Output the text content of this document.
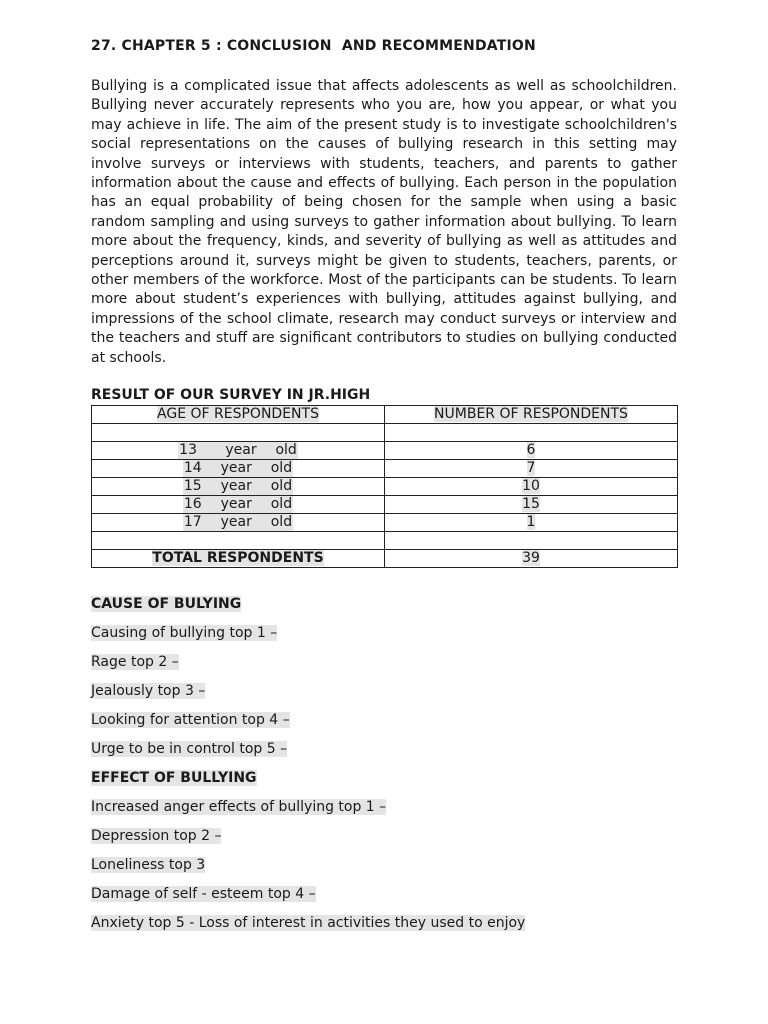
27. CHAPTER 5 : CONCLUSION  AND RECOMMENDATION
Bullying is a complicated issue that affects adolescents as well as schoolchildren. Bullying never accurately represents who you are, how you appear, or what you may achieve in life. The aim of the present study is to investigate schoolchildren's social representations on the causes of bullying research in this setting may involve surveys or interviews with students, teachers, and parents to gather information about the cause and effects of bullying. Each person in the population has an equal probability of being chosen for the sample when using a basic random sampling and using surveys to gather information about bullying. To learn more about the frequency, kinds, and severity of bullying as well as attitudes and perceptions around it, surveys might be given to students, teachers, parents, or other members of the workforce. Most of the participants can be students. To learn more about student’s experiences with bullying, attitudes against bullying, and impressions of the school climate, research may conduct surveys or interview and the teachers and stuff are significant contributors to studies on bullying conducted at schools.
RESULT OF OUR SURVEY IN JR.HIGH
AGE OF RESPONDENTS	NUMBER OF RESPONDENTS

13   year  old	6
14  year  old	7
15  year  old	10
16  year  old	15
17  year  old	1

TOTAL RESPONDENTS	39
CAUSE OF BULYING
Causing of bullying top 1 –
Rage top 2 –
Jealously top 3 –
Looking for attention top 4 –
Urge to be in control top 5 –
EFFECT OF BULLYING
Increased anger effects of bullying top 1 –
Depression top 2 –
Loneliness top 3
Damage of self - esteem top 4 –
Anxiety top 5 - Loss of interest in activities they used to enjoy
